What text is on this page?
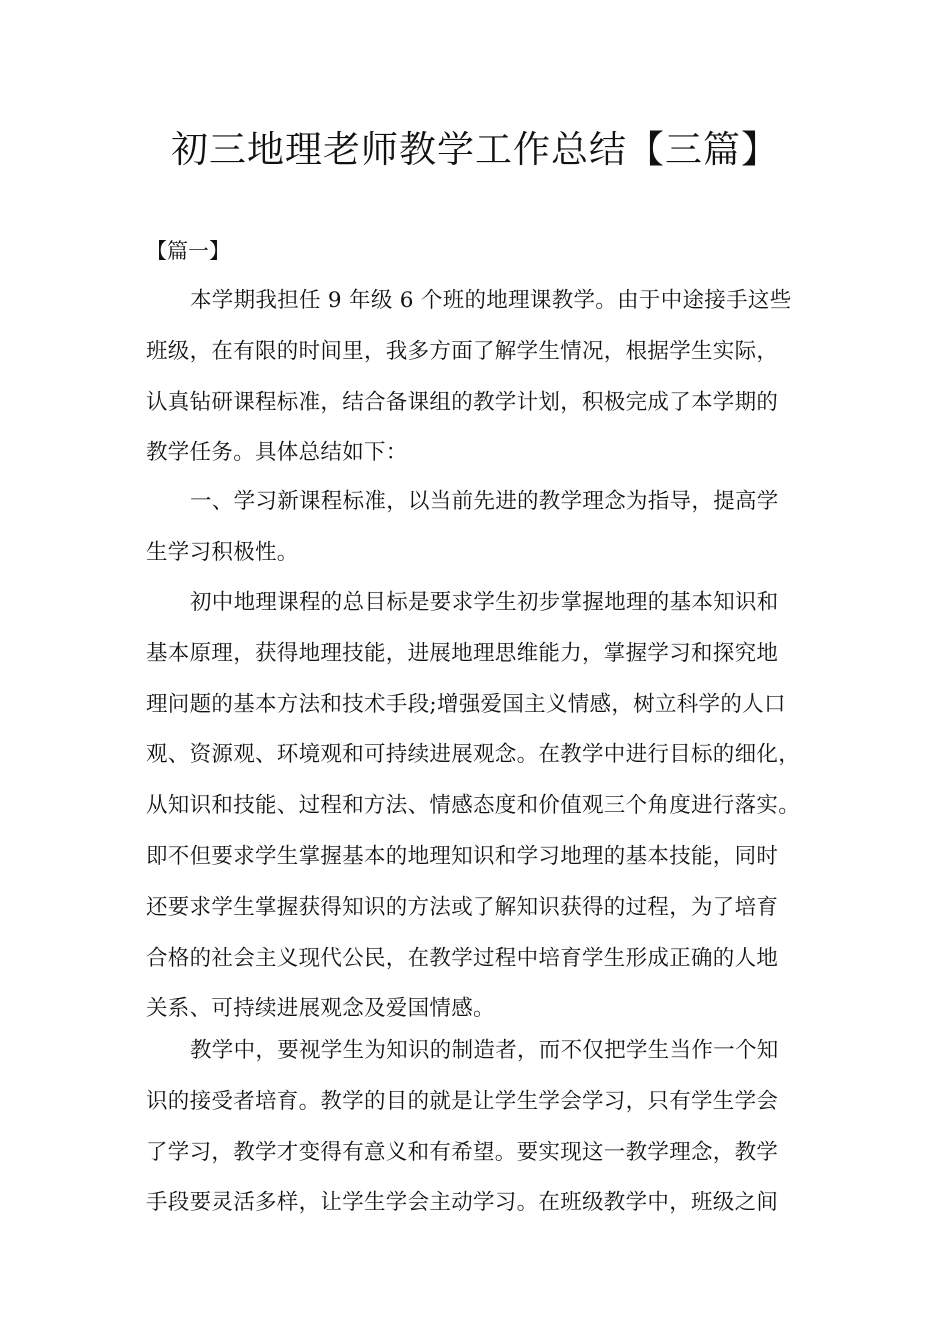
初三地理老师教学工作总结【三篇】

【篇一】

本学期我担任 9 年级 6 个班的地理课教学。由于中途接手这些
班级，在有限的时间里，我多方面了解学生情况，根据学生实际，
认真钻研课程标准，结合备课组的教学计划，积极完成了本学期的
教学任务。具体总结如下：
一、学习新课程标准，以当前先进的教学理念为指导，提高学
生学习积极性。
初中地理课程的总目标是要求学生初步掌握地理的基本知识和
基本原理，获得地理技能，进展地理思维能力，掌握学习和探究地
理问题的基本方法和技术手段;增强爱国主义情感，树立科学的人口
观、资源观、环境观和可持续进展观念。在教学中进行目标的细化，
从知识和技能、过程和方法、情感态度和价值观三个角度进行落实。
即不但要求学生掌握基本的地理知识和学习地理的基本技能，同时
还要求学生掌握获得知识的方法或了解知识获得的过程，为了培育
合格的社会主义现代公民，在教学过程中培育学生形成正确的人地
关系、可持续进展观念及爱国情感。
教学中，要视学生为知识的制造者，而不仅把学生当作一个知
识的接受者培育。教学的目的就是让学生学会学习，只有学生学会
了学习，教学才变得有意义和有希望。要实现这一教学理念，教学
手段要灵活多样，让学生学会主动学习。在班级教学中，班级之间
